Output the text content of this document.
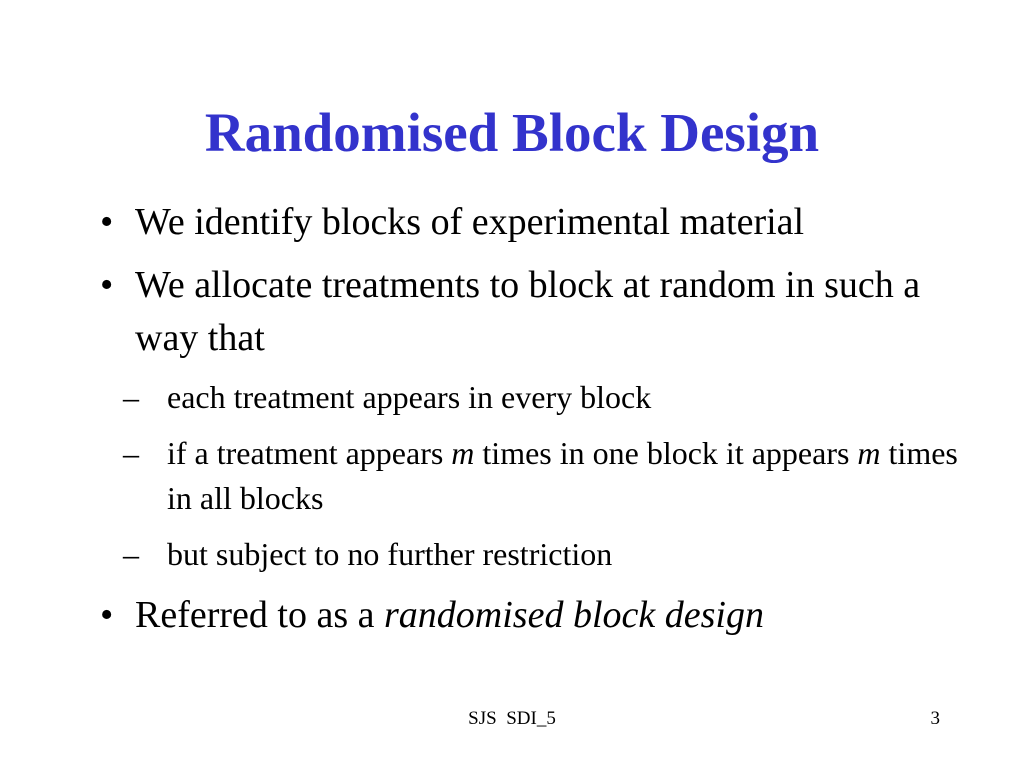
Randomised Block Design
• We identify blocks of experimental material
• We allocate treatments to block at random in such a way that
– each treatment appears in every block
– if a treatment appears m times in one block it appears m times in all blocks
– but subject to no further restriction
• Referred to as a randomised block design
SJS  SDI_5	3
